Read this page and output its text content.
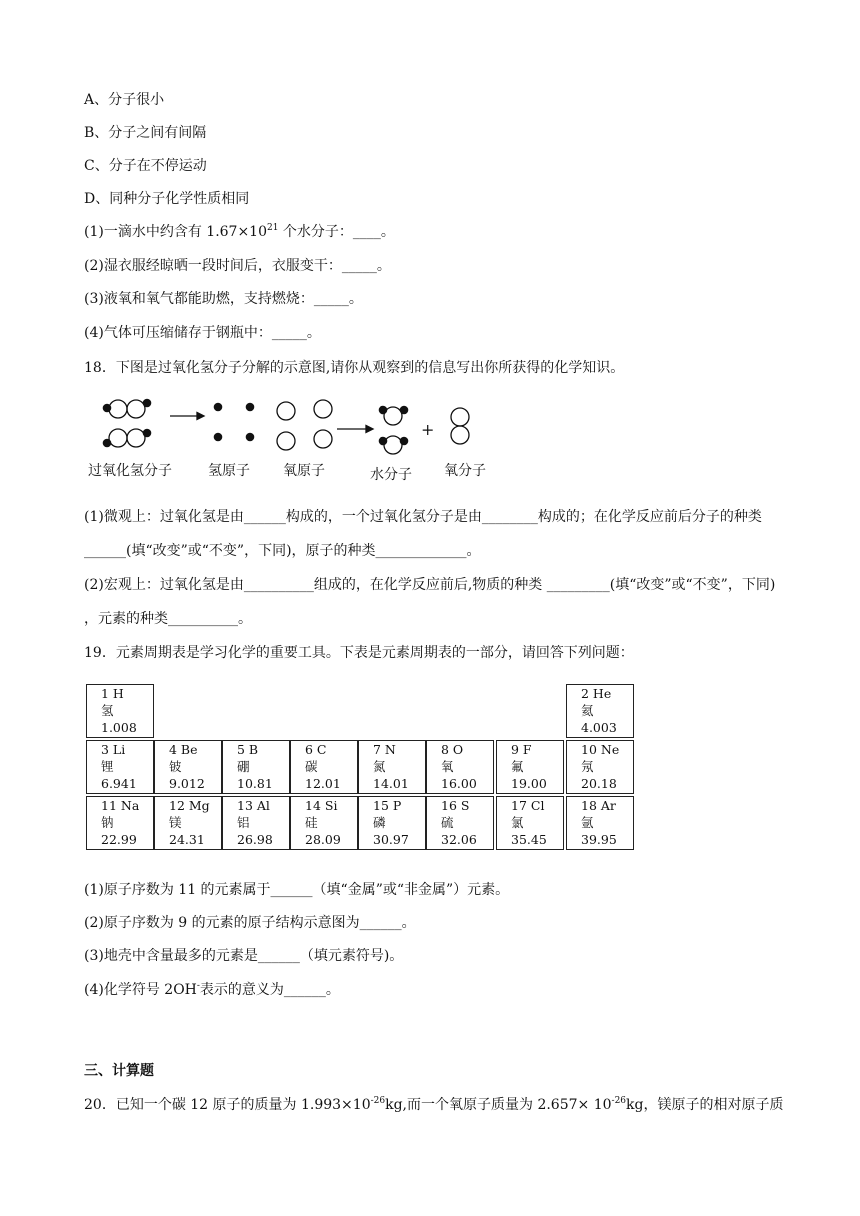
A、分子很小
B、分子之间有间隔
C、分子在不停运动
D、同种分子化学性质相同
(1)一滴水中约含有 $1.67\times 10^{21}$ 个水分子：____。
(2)湿衣服经晾晒一段时间后，衣服变干：_____。
(3)液氧和氧气都能助燃，支持燃烧：_____。
(4)气体可压缩储存于钢瓶中：_____。
18．下图是过氧化氢分子分解的示意图,请你从观察到的信息写出你所获得的化学知识。
+
过氧化氢分子	氢原子 氧原子	水分子 氧分子
(1)微观上：过氧化氢是由______构成的，一个过氧化氢分子是由________构成的；在化学反应前后分子的种类______(填“改变”或“不变”，下同)，原子的种类_____________。
(2)宏观上：过氧化氢是由__________组成的，在化学反应前后,物质的种类 _________(填“改变”或“不变”，下同) ，元素的种类__________。
19．元素周期表是学习化学的重要工具。下表是元素周期表的一部分，请回答下列问题：
1 H
氢
1.008
2 He
氦
4.003
3 Li
锂
6.941
4 Be
铍
9.012
5 B
硼
10.81
6 C
碳
12.01
7 N
氮
14.01
8 O
氧
16.00
9 F
氟
19.00
10 Ne
氖
20.18
11 Na
钠
22.99
12 Mg
镁
24.31
13 Al
铝
26.98
14 Si
硅
28.09
15 P
磷
30.97
16 S
硫
32.06
17 Cl
氯
35.45
18 Ar
氩
39.95
(1)原子序数为 11 的元素属于______（填“金属”或“非金属”）元素。
(2)原子序数为 9 的元素的原子结构示意图为______。
(3)地壳中含量最多的元素是______（填元素符号)。
(4)化学符号 2OH-表示的意义为______。
三、计算题
20．已知一个碳 12 原子的质量为 $1.993\times 10^{-26}kg$,而一个氧原子质量为 $2.657\times 10^{-26}kg$，镁原子的相对原子质
